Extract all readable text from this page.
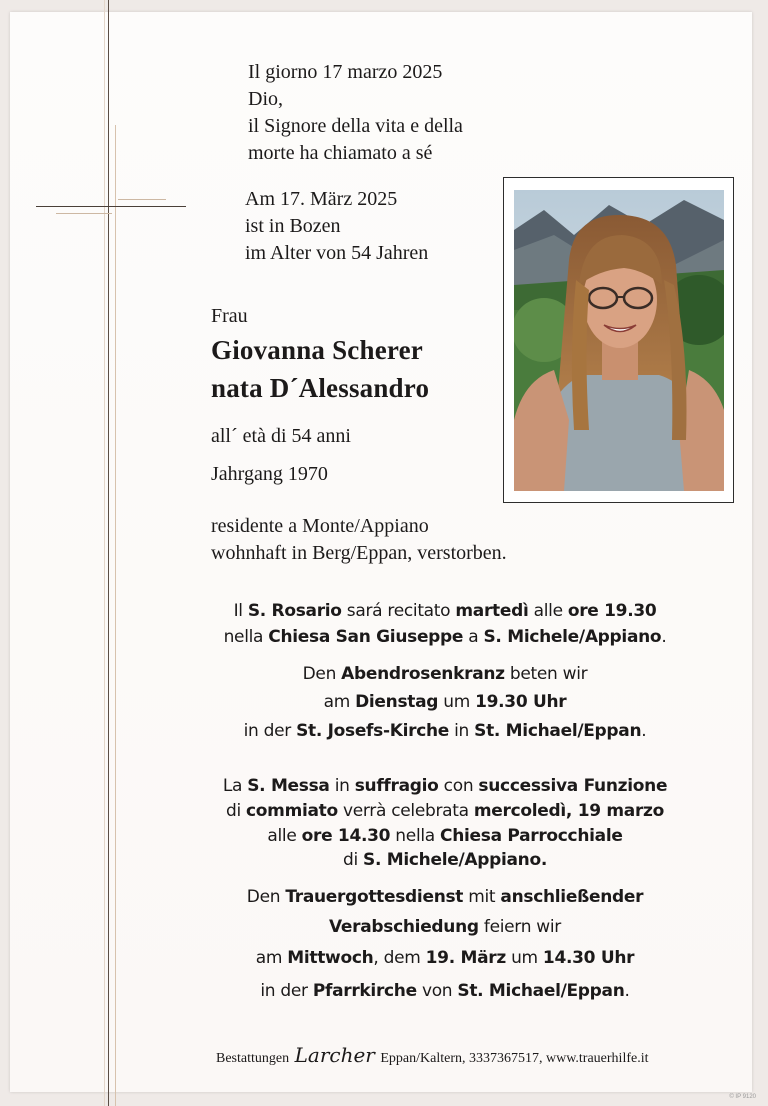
Il giorno 17 marzo 2025
Dio,
il Signore della vita e della
morte ha chiamato a sé
Am 17. März 2025
ist in Bozen
im Alter von 54 Jahren
Frau
Giovanna Scherer
nata D´Alessandro
all´ età di 54 anni
Jahrgang 1970
residente a Monte/Appiano
wohnhaft in Berg/Eppan, verstorben.
Il S. Rosario sará recitato martedì alle ore 19.30
nella Chiesa San Giuseppe a S. Michele/Appiano.
Den Abendrosenkranz beten wir
am Dienstag um 19.30 Uhr
in der St. Josefs-Kirche in St. Michael/Eppan.
La S. Messa in suffragio con successiva Funzione
di commiato verrà celebrata mercoledì, 19 marzo
alle ore 14.30 nella Chiesa Parrocchiale
di S. Michele/Appiano.
Den Trauergottesdienst mit anschließender
Verabschiedung feiern wir
am Mittwoch, dem 19. März um 14.30 Uhr
in der Pfarrkirche von St. Michael/Eppan.
Bestattungen Larcher Eppan/Kaltern, 3337367517, www.trauerhilfe.it
© IP 9120
